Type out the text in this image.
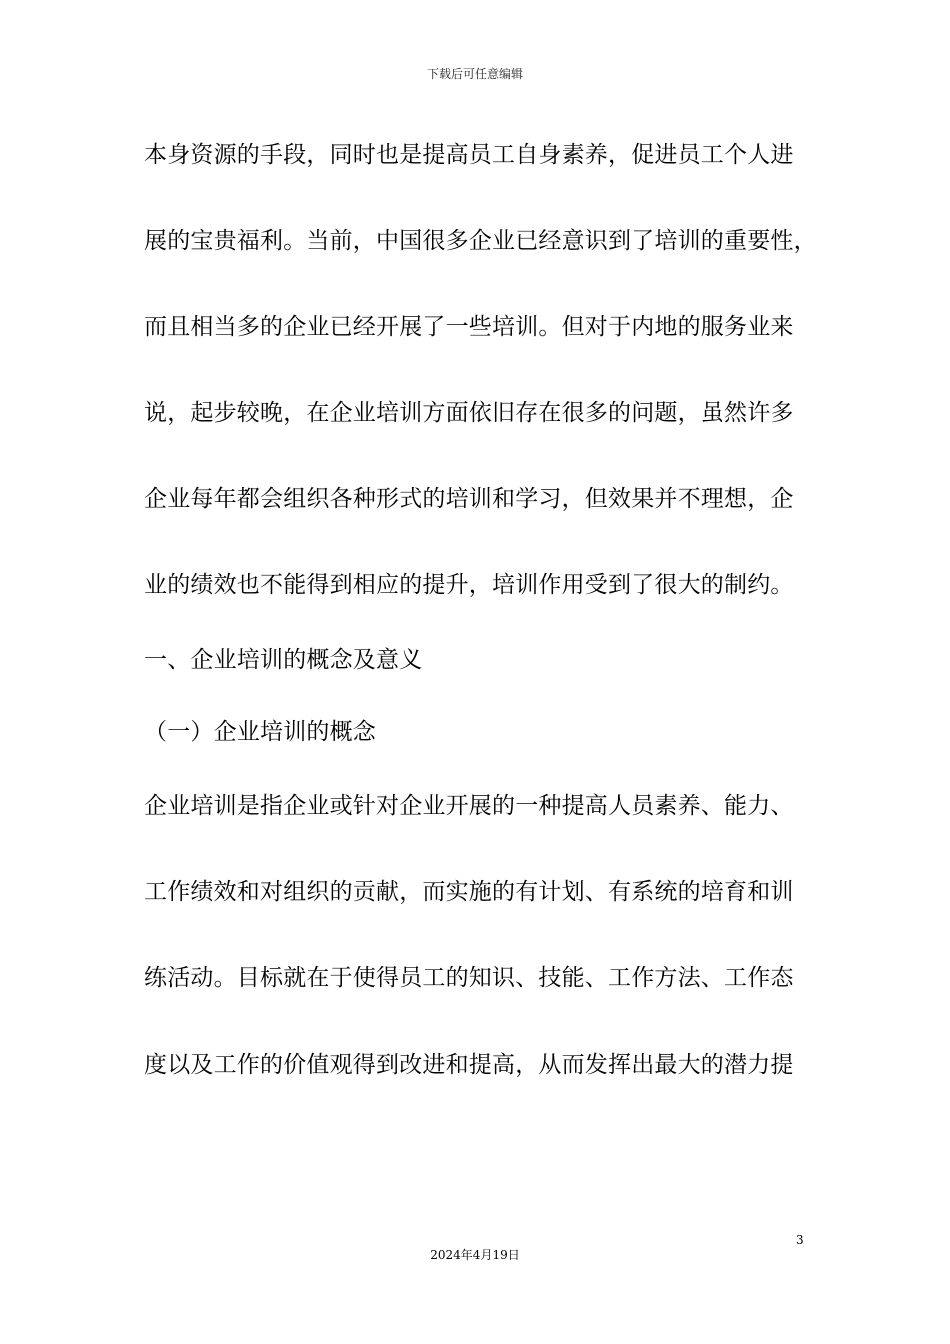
下载后可任意编辑
本身资源的手段，同时也是提高员工自身素养，促进员工个人进
展的宝贵福利。当前，中国很多企业已经意识到了培训的重要性，
而且相当多的企业已经开展了一些培训。但对于内地的服务业来
说，起步较晚，在企业培训方面依旧存在很多的问题，虽然许多
企业每年都会组织各种形式的培训和学习，但效果并不理想，企
业的绩效也不能得到相应的提升，培训作用受到了很大的制约。
一、企业培训的概念及意义
（一）企业培训的概念
企业培训是指企业或针对企业开展的一种提高人员素养、能力、
工作绩效和对组织的贡献，而实施的有计划、有系统的培育和训
练活动。目标就在于使得员工的知识、技能、工作方法、工作态
度以及工作的价值观得到改进和提高，从而发挥出最大的潜力提
3
2024年4月19日
